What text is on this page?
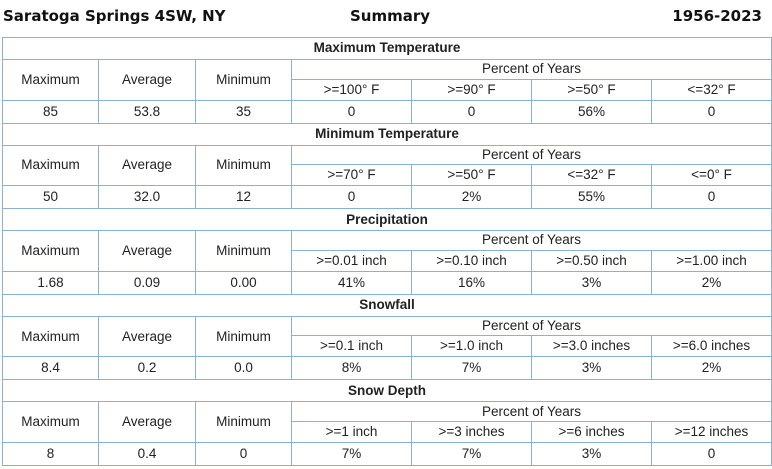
Saratoga Springs 4SW, NY	Summary	1956-2023
Maximum Temperature						
Maximum	Average	Minimum	Percent of Years			
			>=100° F	>=90° F	>=50° F	<=32° F
85	53.8	35	0	0	56%	0
Minimum Temperature						
Maximum	Average	Minimum	Percent of Years			
			>=70° F	>=50° F	<=32° F	<=0° F
50	32.0	12	0	2%	55%	0
Precipitation						
Maximum	Average	Minimum	Percent of Years			
			>=0.01 inch	>=0.10 inch	>=0.50 inch	>=1.00 inch
1.68	0.09	0.00	41%	16%	3%	2%
Snowfall						
Maximum	Average	Minimum	Percent of Years			
			>=0.1 inch	>=1.0 inch	>=3.0 inches	>=6.0 inches
8.4	0.2	0.0	8%	7%	3%	2%
Snow Depth						
Maximum	Average	Minimum	Percent of Years			
			>=1 inch	>=3 inches	>=6 inches	>=12 inches
8	0.4	0	7%	7%	3%	0
